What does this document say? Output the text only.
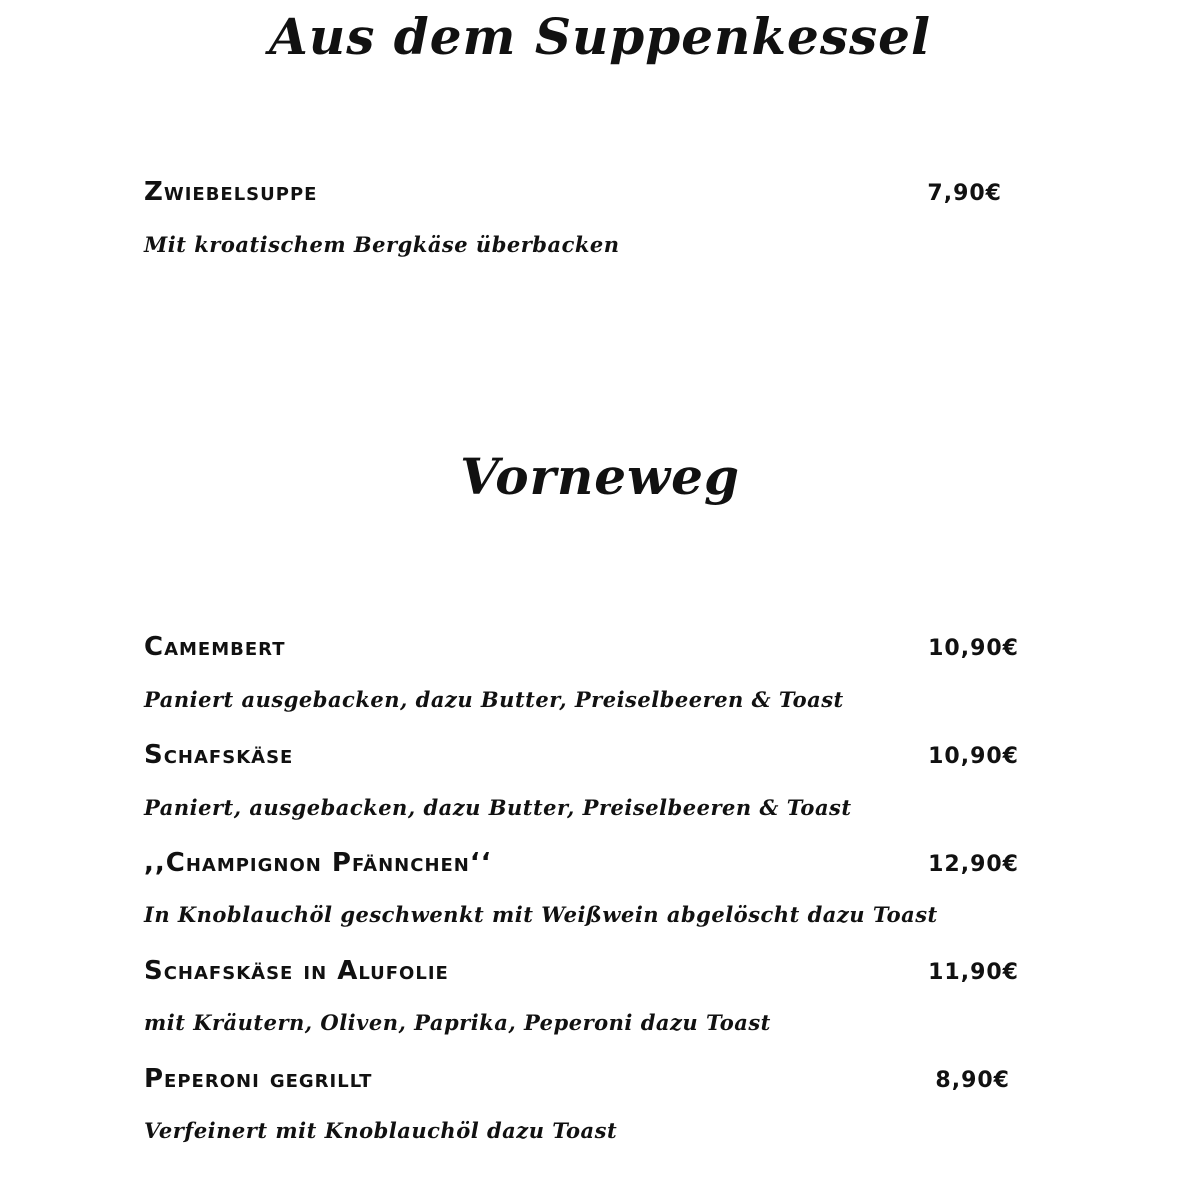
Aus dem Suppenkessel
Zwiebelsuppe	7,90€
Mit kroatischem Bergkäse überbacken
Vorneweg
Camembert	10,90€
Paniert ausgebacken, dazu Butter, Preiselbeeren & Toast
Schafskäse	10,90€
Paniert, ausgebacken, dazu Butter, Preiselbeeren & Toast
,,Champignon Pfännchen‘‘	12,90€
In Knoblauchöl geschwenkt mit Weißwein abgelöscht dazu Toast
Schafskäse in Alufolie	11,90€
mit Kräutern, Oliven, Paprika, Peperoni dazu Toast
Peperoni gegrillt	8,90€
Verfeinert mit Knoblauchöl dazu Toast
